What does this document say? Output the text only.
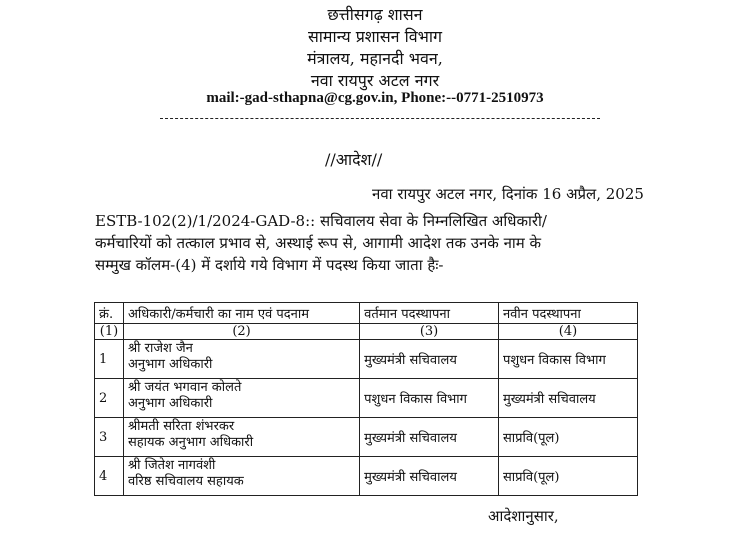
छत्तीसगढ़ शासन
सामान्य प्रशासन विभाग
मंत्रालय, महानदी भवन,
नवा रायपुर अटल नगर
mail:-gad-sthapna@cg.gov.in, Phone:--0771-2510973
//आदेश//
नवा रायपुर अटल नगर, दिनांक 16 अप्रैल, 2025
ESTB-102(2)/1/2024-GAD-8:: सचिवालय सेवा के निम्नलिखित अधिकारी/
कर्मचारियों को तत्काल प्रभाव से, अस्थाई रूप से, आगामी आदेश तक उनके नाम के
सम्मुख कॉलम-(4) में दर्शाये गये विभाग में पदस्थ किया जाता हैः-
क्रं.	अधिकारी/कर्मचारी का नाम एवं पदनाम	वर्तमान पदस्थापना	नवीन पदस्थापना
(1)	(2)	(3)	(4)
1	श्री राजेश जैन
अनुभाग अधिकारी	मुख्यमंत्री सचिवालय	पशुधन विकास विभाग
2	श्री जयंत भगवान कोलते
अनुभाग अधिकारी	पशुधन विकास विभाग	मुख्यमंत्री सचिवालय
3	श्रीमती सरिता शंभरकर
सहायक अनुभाग अधिकारी	मुख्यमंत्री सचिवालय	साप्रवि(पूल)
4	श्री जितेश नागवंशी
वरिष्ठ सचिवालय सहायक	मुख्यमंत्री सचिवालय	साप्रवि(पूल)
आदेशानुसार,
